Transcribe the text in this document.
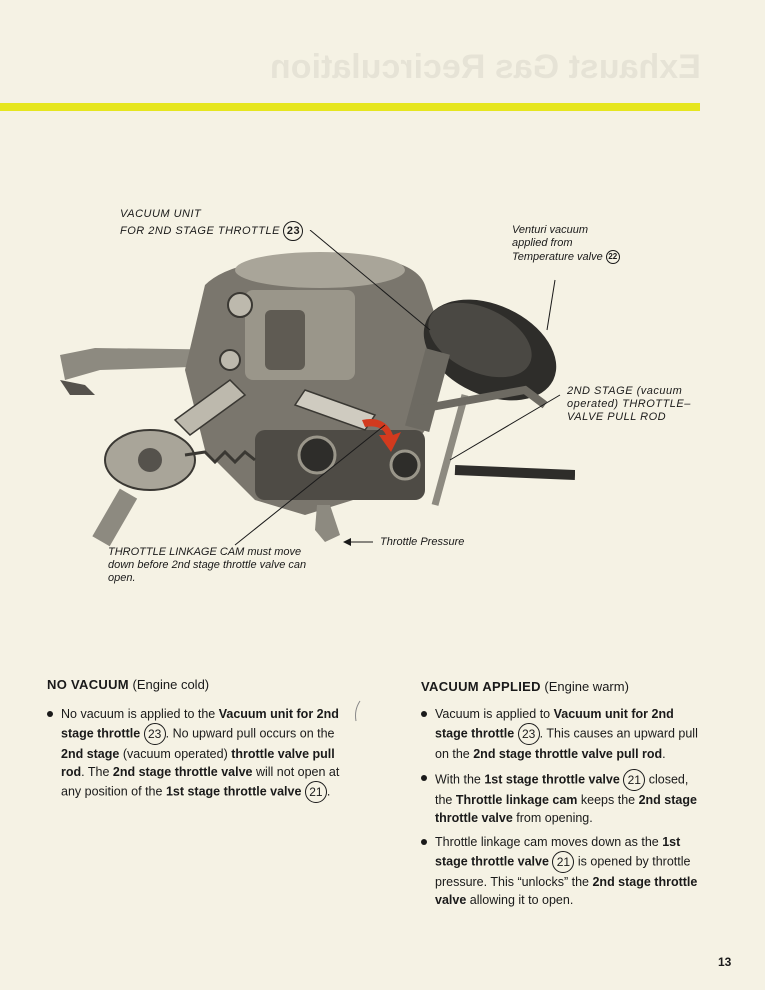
Exhaust Gas Recirculation
VACUUM UNIT
FOR 2ND STAGE THROTTLE 23	Venturi vacuum
applied from
Temperature valve 22
2ND STAGE (vacuum
operated) THROTTLE–
VALVE PULL ROD
THROTTLE LINKAGE CAM must move
down before 2nd stage throttle valve can
open.
Throttle Pressure
NO VACUUM (Engine cold)
No vacuum is applied to the Vacuum unit for 2nd stage throttle 23 . No upward pull occurs on the 2nd stage (vacuum operated) throttle valve pull rod. The 2nd stage throttle valve will not open at any position of the 1st stage throttle valve 21 .
VACUUM APPLIED (Engine warm)
Vacuum is applied to Vacuum unit for 2nd stage throttle 23 . This causes an upward pull on the 2nd stage throttle valve pull rod.
With the 1st stage throttle valve 21 closed, the Throttle linkage cam keeps the 2nd stage throttle valve from opening.
Throttle linkage cam moves down as the 1st stage throttle valve 21 is opened by throttle pressure. This “unlocks” the 2nd stage throttle valve allowing it to open.
13
